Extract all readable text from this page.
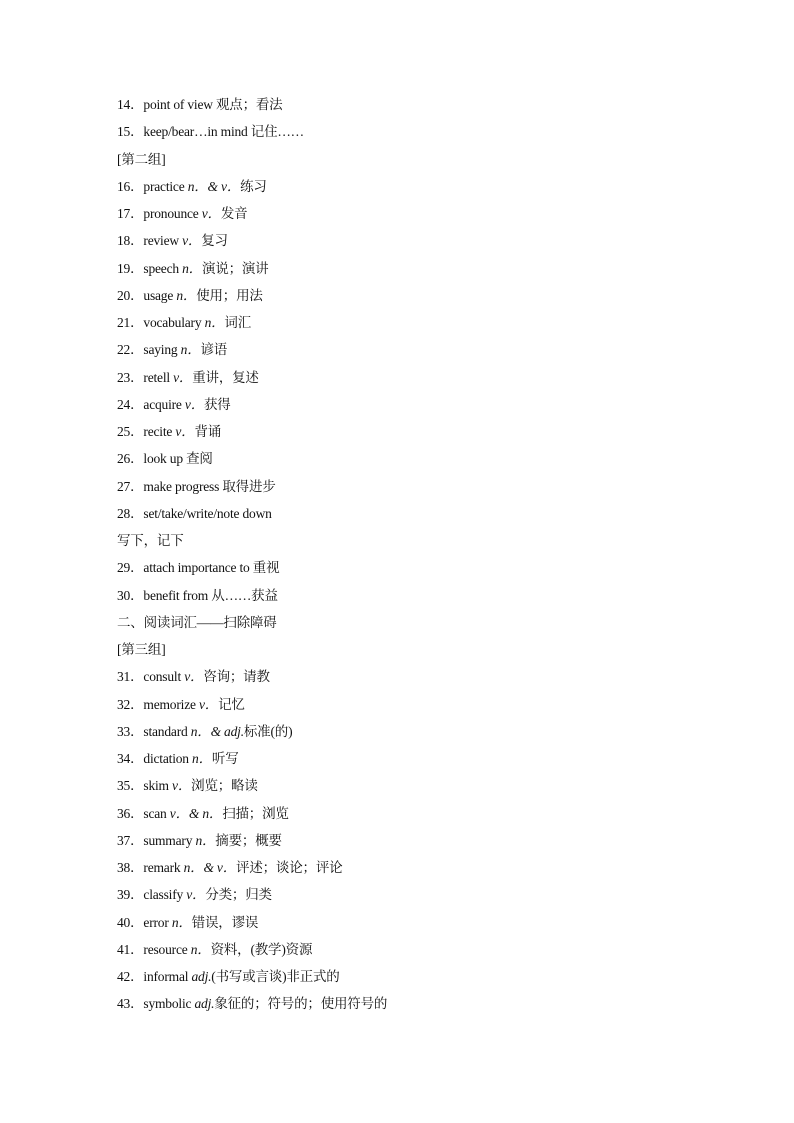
14．point of view 观点；看法
15．keep/bear…in mind 记住……
[第二组]
16．practice n．& v．练习
17．pronounce v．发音
18．review v．复习
19．speech n．演说；演讲
20．usage n．使用；用法
21．vocabulary n．词汇
22．saying n．谚语
23．retell v．重讲，复述
24．acquire v．获得
25．recite v．背诵
26．look up 查阅
27．make progress 取得进步
28．set/take/write/note down
写下，记下
29．attach importance to 重视
30．benefit from 从……获益
二、阅读词汇——扫除障碍
[第三组]
31．consult v．咨询；请教
32．memorize v．记忆
33．standard n．& adj.标准(的)
34．dictation n．听写
35．skim v．浏览；略读
36．scan v．& n．扫描；浏览
37．summary n．摘要；概要
38．remark n．& v．评述；谈论；评论
39．classify v．分类；归类
40．error n．错误，谬误
41．resource n．资料，(教学)资源
42．informal adj.(书写或言谈)非正式的
43．symbolic adj.象征的；符号的；使用符号的
